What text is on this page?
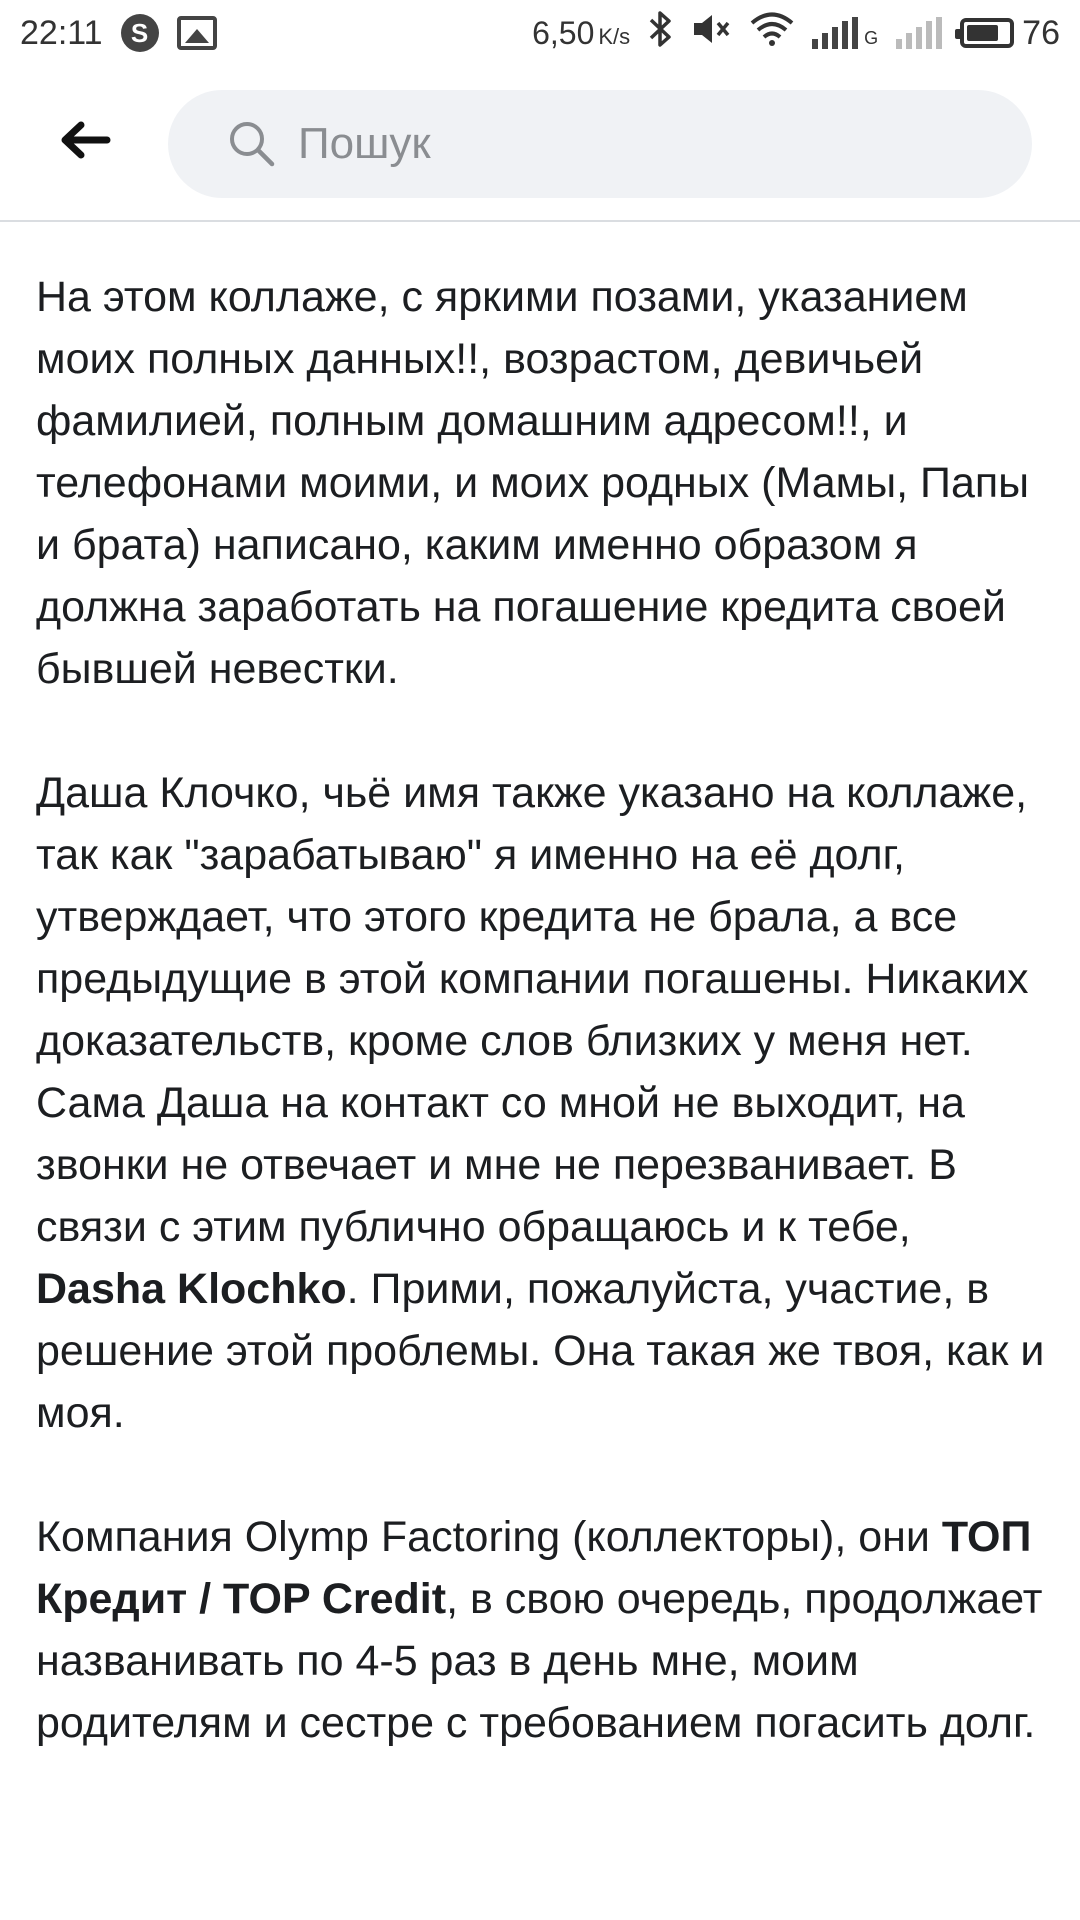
22:11	S	6,50 K/s	G	76
Пошук

На этом коллаже, с яркими позами, указанием моих полных данных!!, возрастом, девичьей фамилией, полным домашним адресом!!, и телефонами моими, и моих родных (Мамы, Папы и брата) написано, каким именно образом я должна заработать на погашение кредита своей бывшей невестки.

Даша Клочко, чьё имя также указано на коллаже, так как "зарабатываю" я именно на её долг, утверждает, что этого кредита не брала, а все предыдущие в этой компании погашены. Никаких доказательств, кроме слов близких у меня нет. Сама Даша на контакт со мной не выходит, на звонки не отвечает и мне не перезванивает. В связи с этим публично обращаюсь и к тебе, Dasha Klochko. Прими, пожалуйста, участие, в решение этой проблемы. Она такая же твоя, как и моя.

Компания Olymp Factoring (коллекторы), они ТОП Кредит / TOP Credit, в свою очередь, продолжает названивать по 4-5 раз в день мне, моим родителям и сестре с требованием погасить долг.
